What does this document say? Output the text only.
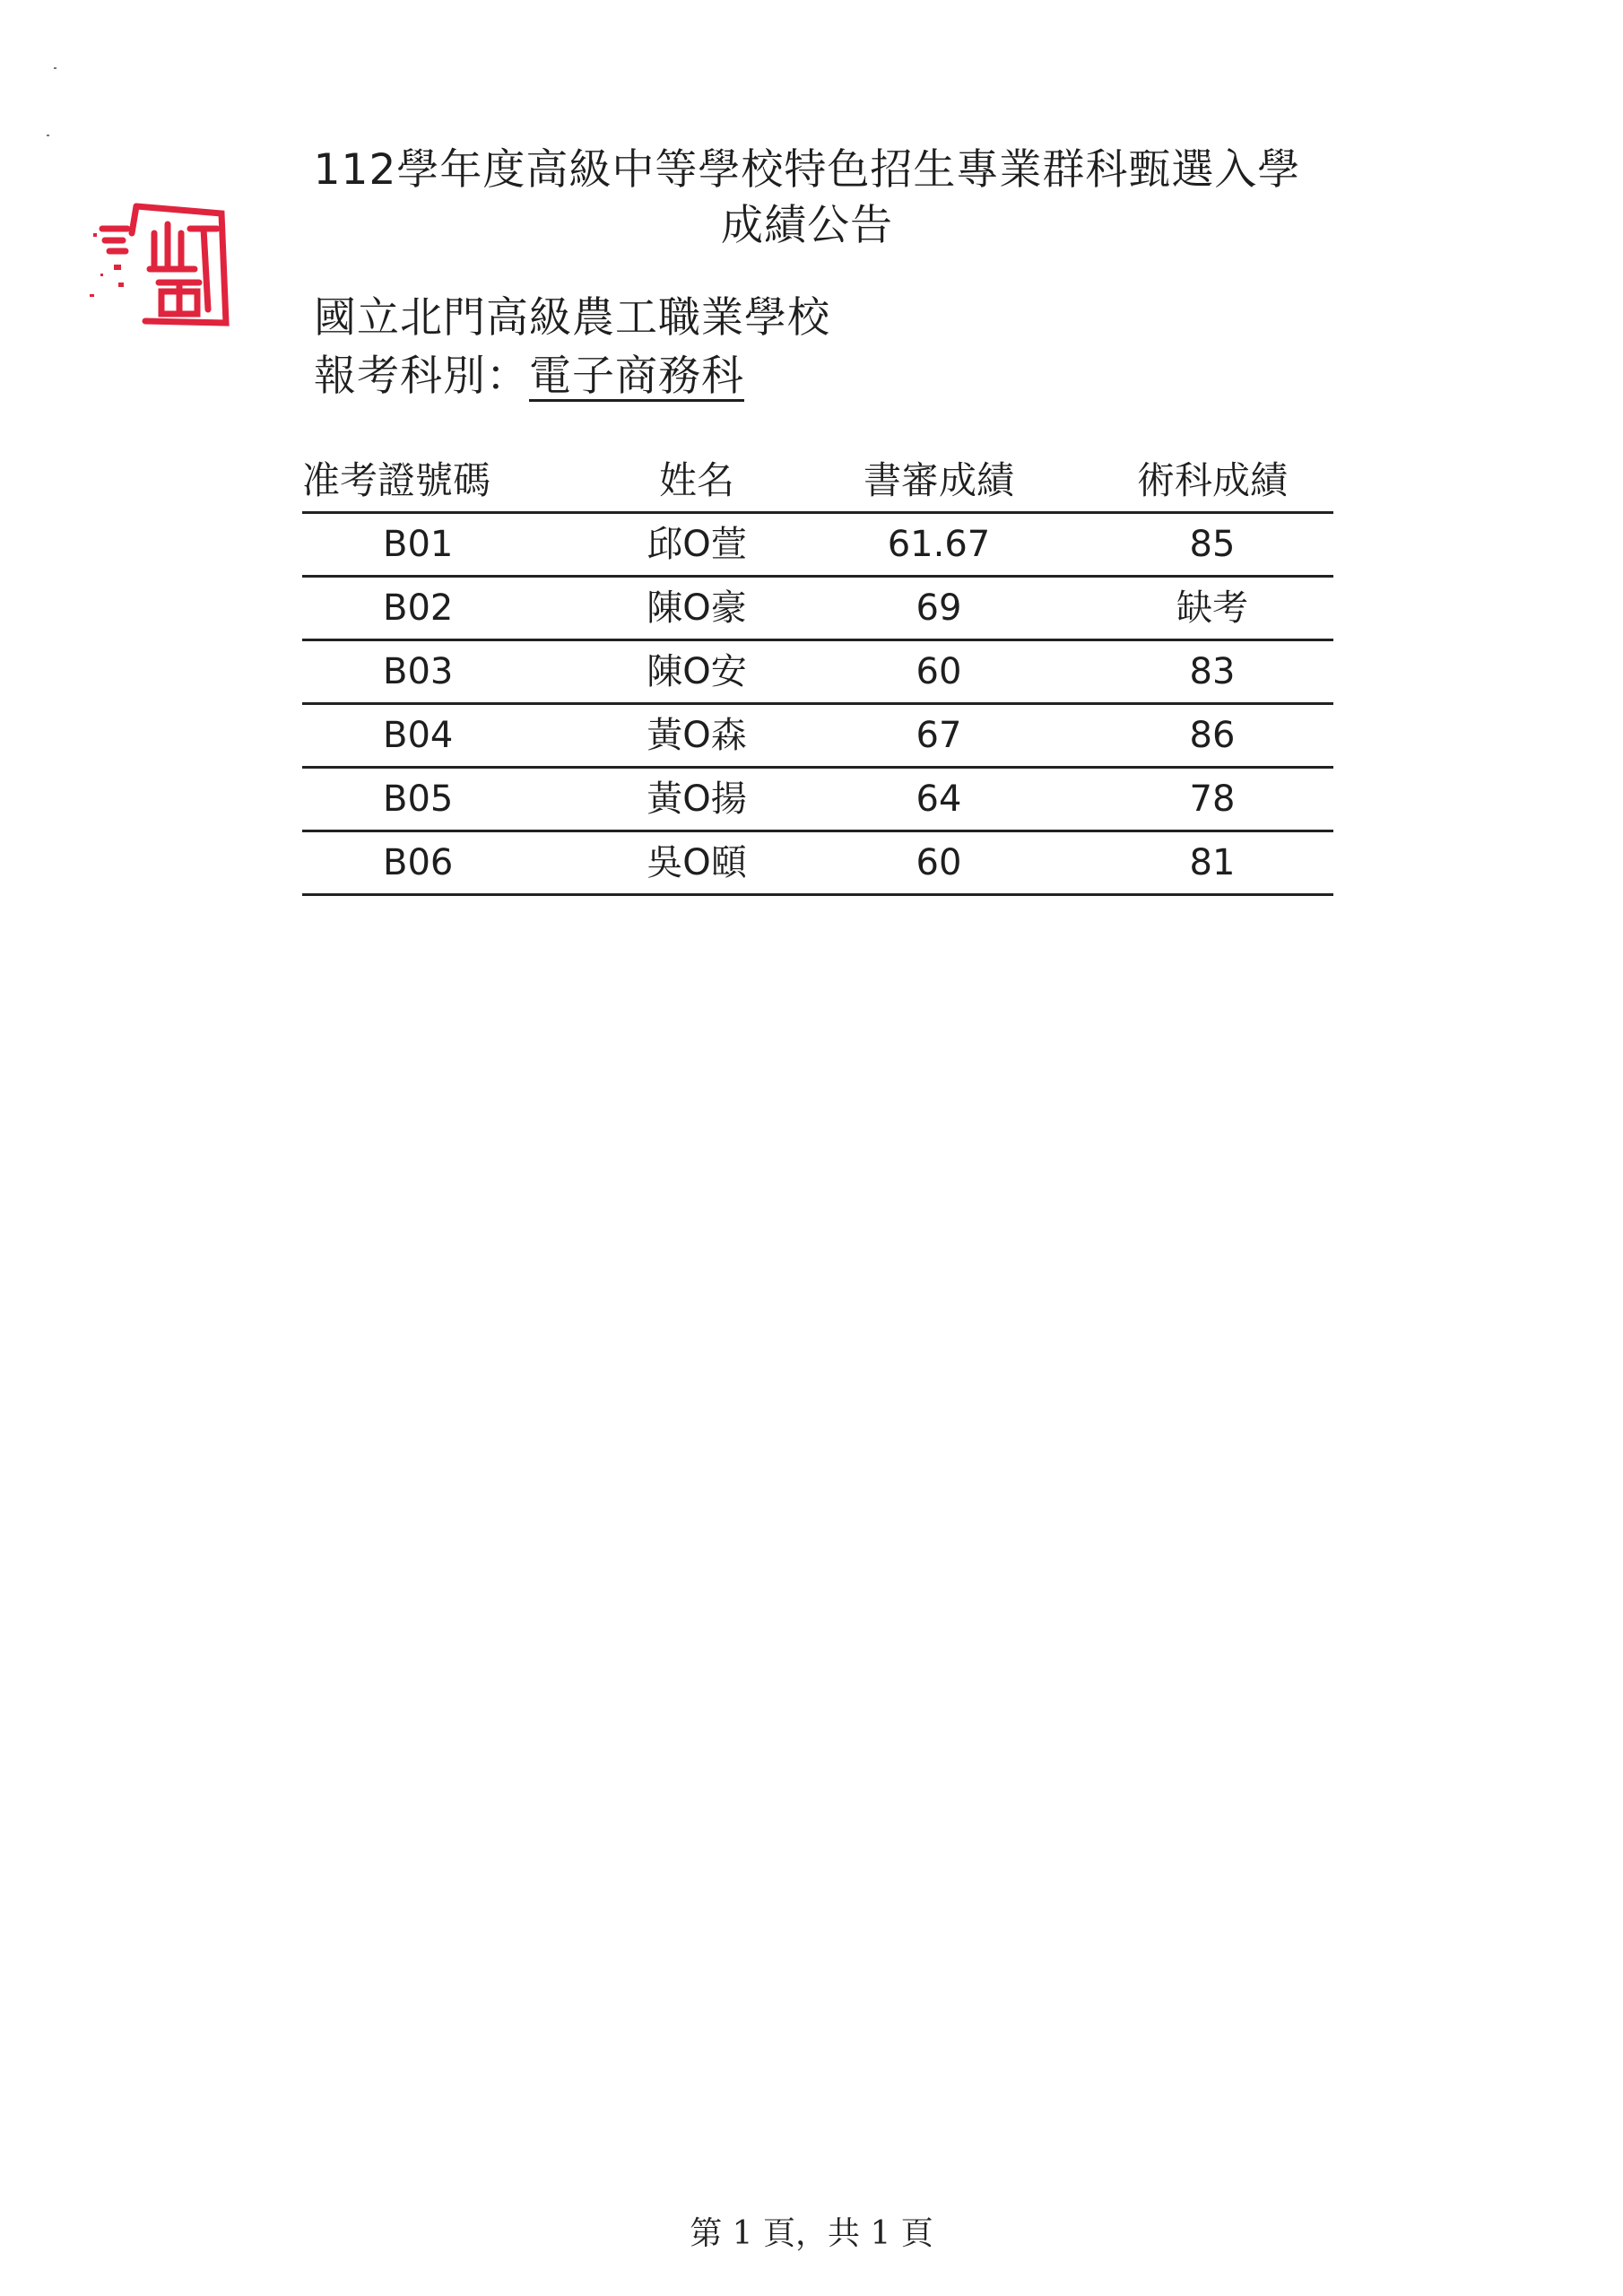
112學年度高級中等學校特色招生專業群科甄選入學
成績公告
國立北門高級農工職業學校
報考科別：電子商務科
准考證號碼	姓名	書審成績	術科成績
B01	邱O萱	61.67	85
B02	陳O豪	69	缺考
B03	陳O安	60	83
B04	黃O森	67	86
B05	黃O揚	64	78
B06	吳O頤	60	81
第 1 頁，共 1 頁
